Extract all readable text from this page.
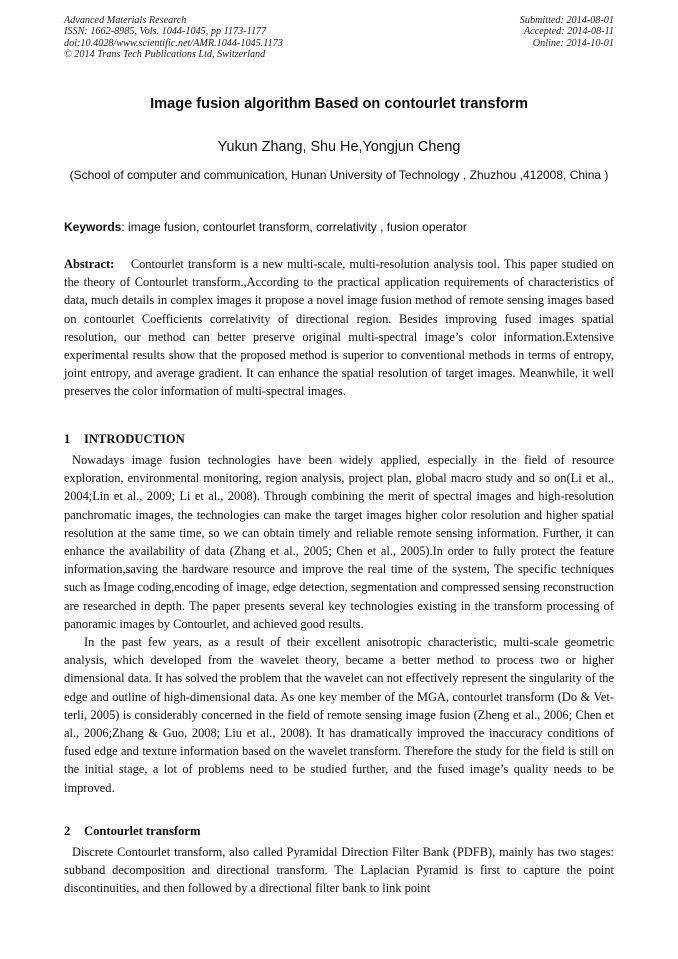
Advanced Materials Research
ISSN: 1662-8985, Vols. 1044-1045, pp 1173-1177
doi:10.4028/www.scientific.net/AMR.1044-1045.1173
© 2014 Trans Tech Publications Ltd, Switzerland
Submitted: 2014-08-01
Accepted: 2014-08-11
Online: 2014-10-01
Image fusion algorithm Based on contourlet transform
Yukun Zhang, Shu He,Yongjun Cheng
(School of computer and communication, Hunan University of Technology , Zhuzhou ,412008, China )
Keywords: image fusion, contourlet transform, correlativity , fusion operator

Abstract: Contourlet transform is a new multi-scale, multi-resolution analysis tool. This paper studied on the theory of Contourlet transform.,According to the practical application requirements of characteristics of data, much details in complex images it propose a novel image fusion method of remote sensing images based on contourlet Coefficients correlativity of directional region. Besides improving fused images spatial resolution, our method can better preserve original multi-spectral image’s color information.Extensive experimental results show that the proposed method is superior to conventional methods in terms of entropy, joint entropy, and average gradient. It can enhance the spatial resolution of target images. Meanwhile, it well preserves the color information of multi-spectral images.

1 INTRODUCTION

Nowadays image fusion technologies have been widely applied, especially in the field of resource exploration, environmental monitoring, region analysis, project plan, global macro study and so on(Li et al., 2004;Lin et al., 2009; Li et al., 2008). Through combining the merit of spectral images and high-resolution panchromatic images, the technologies can make the target images higher color resolution and higher spatial resolution at the same time, so we can obtain timely and reliable remote sensing information. Further, it can enhance the availability of data (Zhang et al., 2005; Chen et al., 2005).In order to fully protect the feature information,saving the hardware resource and improve the real time of the system, The specific techniques such as Image coding,encoding of image, edge detection, segmentation and compressed sensing reconstruction are researched in depth. The paper presents several key technologies existing in the transform processing of panoramic images by Contourlet, and achieved good results.

In the past few years, as a result of their excellent anisotropic characteristic, multi-scale geometric analysis, which developed from the wavelet theory, became a better method to process two or higher dimensional data. It has solved the problem that the wavelet can not effectively represent the singularity of the edge and outline of high-dimensional data. As one key member of the MGA, contourlet transform (Do & Vet-terli, 2005) is considerably concerned in the field of remote sensing image fusion (Zheng et al., 2006; Chen et al., 2006;Zhang & Guo, 2008; Liu et al., 2008). It has dramatically improved the inaccuracy conditions of fused edge and texture information based on the wavelet transform. Therefore the study for the field is still on the initial stage, a lot of problems need to be studied further, and the fused image’s quality needs to be improved.

2 Contourlet transform

Discrete Contourlet transform, also called Pyramidal Direction Filter Bank (PDFB), mainly has two stages: subband decomposition and directional transform. The Laplacian Pyramid is first to capture the point discontinuities, and then followed by a directional filter bank to link point
